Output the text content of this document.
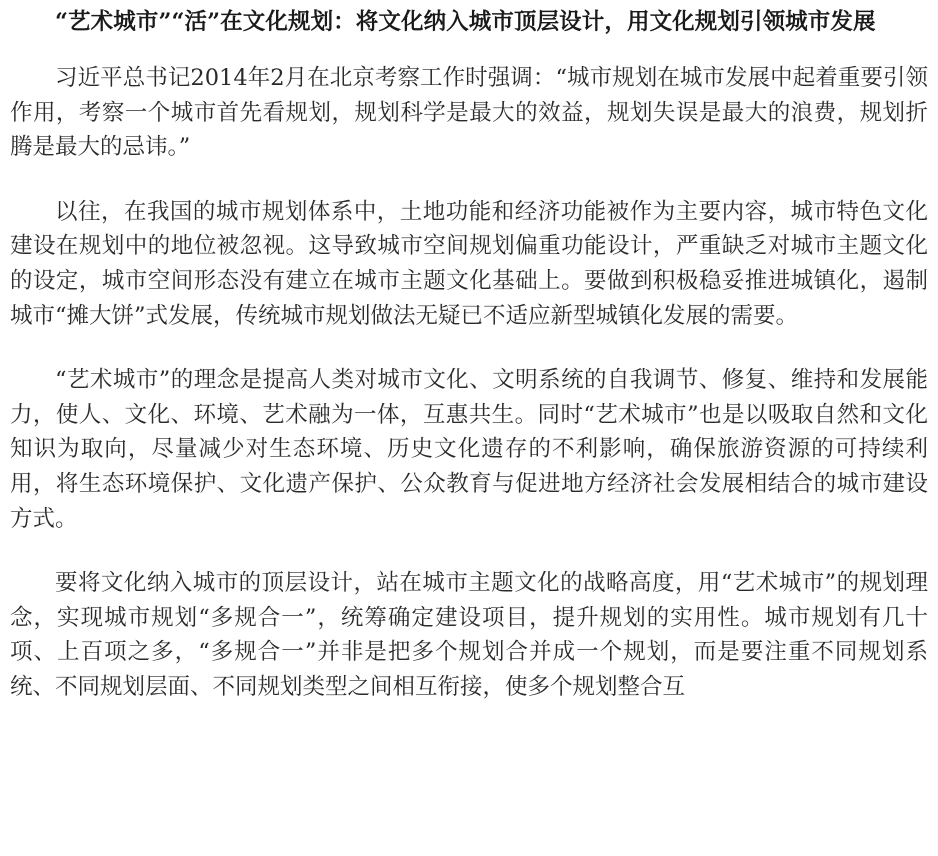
“艺术城市”“活”在文化规划：将文化纳入城市顶层设计，用文化规划引领城市发展

习近平总书记2014年2月在北京考察工作时强调：“城市规划在城市发展中起着重要引领作用，考察一个城市首先看规划，规划科学是最大的效益，规划失误是最大的浪费，规划折腾是最大的忌讳。”

以往，在我国的城市规划体系中，土地功能和经济功能被作为主要内容，城市特色文化建设在规划中的地位被忽视。这导致城市空间规划偏重功能设计，严重缺乏对城市主题文化的设定，城市空间形态没有建立在城市主题文化基础上。要做到积极稳妥推进城镇化，遏制城市“摊大饼”式发展，传统城市规划做法无疑已不适应新型城镇化发展的需要。

“艺术城市”的理念是提高人类对城市文化、文明系统的自我调节、修复、维持和发展能力，使人、文化、环境、艺术融为一体，互惠共生。同时“艺术城市”也是以吸取自然和文化知识为取向，尽量减少对生态环境、历史文化遗存的不利影响，确保旅游资源的可持续利用，将生态环境保护、文化遗产保护、公众教育与促进地方经济社会发展相结合的城市建设方式。

要将文化纳入城市的顶层设计，站在城市主题文化的战略高度，用“艺术城市”的规划理念，实现城市规划“多规合一”，统筹确定建设项目，提升规划的实用性。城市规划有几十项、上百项之多，“多规合一”并非是把多个规划合并成一个规划，而是要注重不同规划系统、不同规划层面、不同规划类型之间相互衔接，使多个规划整合互
